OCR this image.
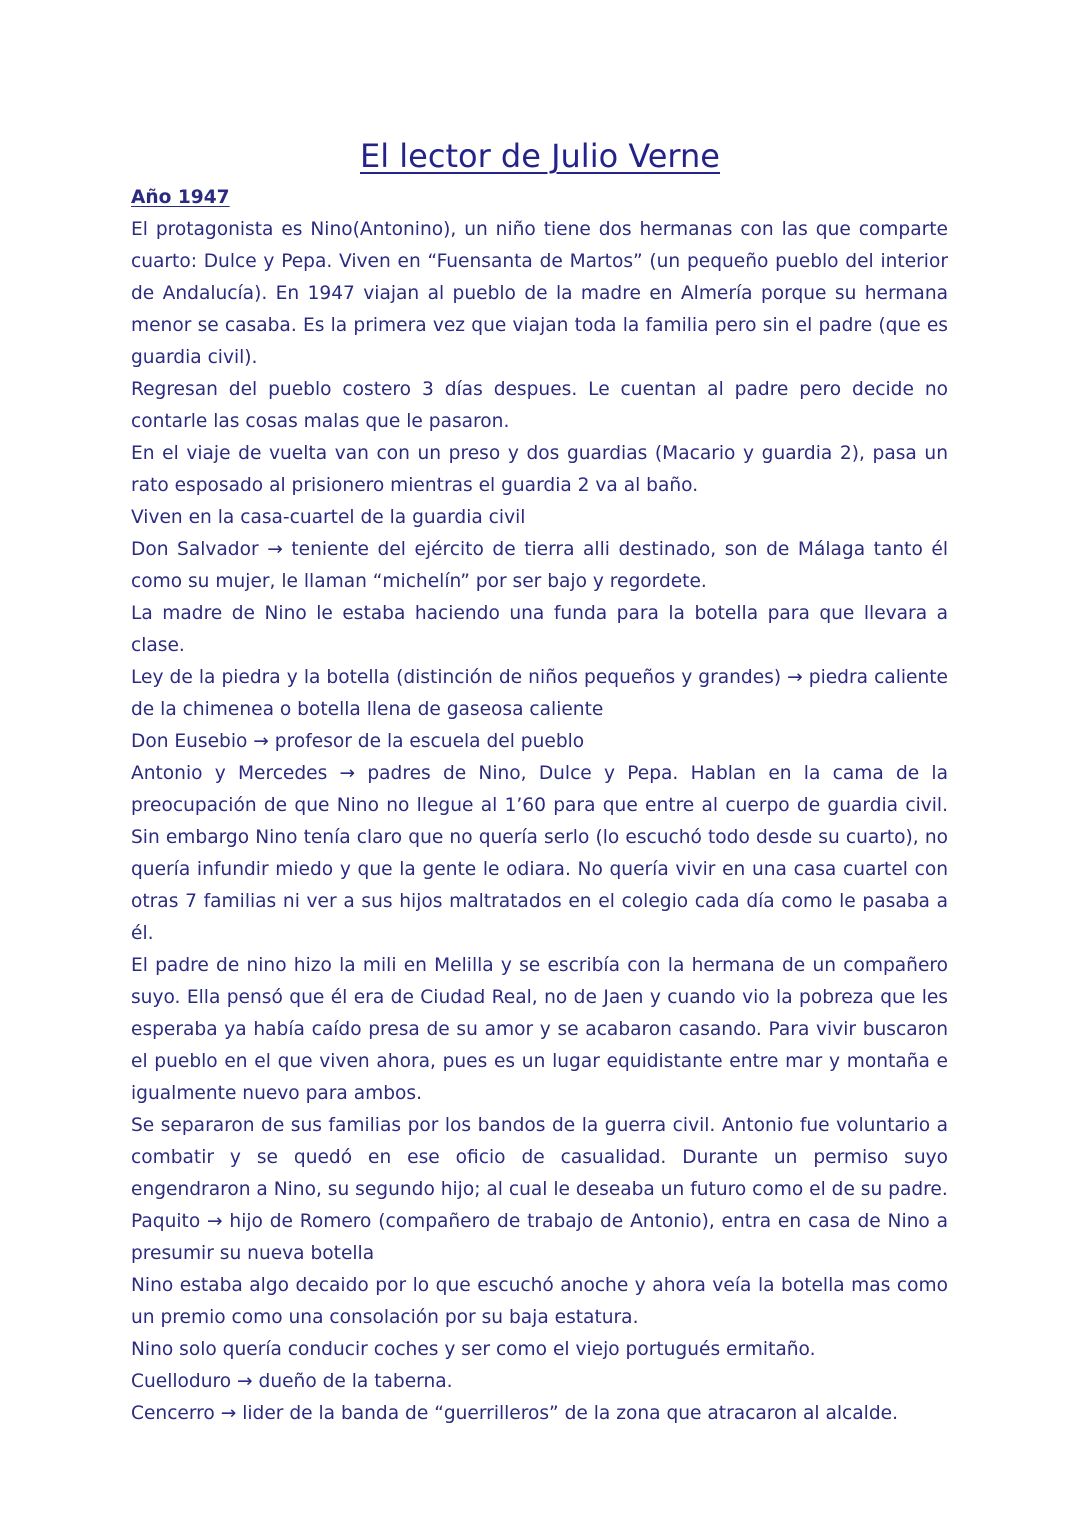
El lector de Julio Verne

Año 1947

El protagonista es Nino(Antonino), un niño tiene dos hermanas con las que comparte cuarto: Dulce y Pepa. Viven en “Fuensanta de Martos” (un pequeño pueblo del interior de Andalucía). En 1947 viajan al pueblo de la madre en Almería porque su hermana menor se casaba. Es la primera vez que viajan toda la familia pero sin el padre (que es guardia civil).

Regresan del pueblo costero 3 días despues. Le cuentan al padre pero decide no contarle las cosas malas que le pasaron.

En el viaje de vuelta van con un preso y dos guardias (Macario y guardia 2), pasa un rato esposado al prisionero mientras el guardia 2 va al baño.

Viven en la casa-cuartel de la guardia civil

Don Salvador → teniente del ejército de tierra alli destinado, son de Málaga tanto él como su mujer, le llaman “michelín” por ser bajo y regordete.

La madre de Nino le estaba haciendo una funda para la botella para que llevara a clase.

Ley de la piedra y la botella (distinción de niños pequeños y grandes) → piedra caliente de la chimenea o botella llena de gaseosa caliente

Don Eusebio → profesor de la escuela del pueblo

Antonio y Mercedes → padres de Nino, Dulce y Pepa. Hablan en la cama de la preocupación de que Nino no llegue al 1’60 para que entre al cuerpo de guardia civil. Sin embargo Nino tenía claro que no quería serlo (lo escuchó todo desde su cuarto), no quería infundir miedo y que la gente le odiara. No quería vivir en una casa cuartel con otras 7 familias ni ver a sus hijos maltratados en el colegio cada día como le pasaba a él.

El padre de nino hizo la mili en Melilla y se escribía con la hermana de un compañero suyo. Ella pensó que él era de Ciudad Real, no de Jaen y cuando vio la pobreza que les esperaba ya había caído presa de su amor y se acabaron casando. Para vivir buscaron el pueblo en el que viven ahora, pues es un lugar equidistante entre mar y montaña e igualmente nuevo para ambos.

Se separaron de sus familias por los bandos de la guerra civil. Antonio fue voluntario a combatir y se quedó en ese oficio de casualidad. Durante un permiso suyo engendraron a Nino, su segundo hijo; al cual le deseaba un futuro como el de su padre.

Paquito → hijo de Romero (compañero de trabajo de Antonio), entra en casa de Nino a presumir su nueva botella

Nino estaba algo decaido por lo que escuchó anoche y ahora veía la botella mas como un premio como una consolación por su baja estatura.

Nino solo quería conducir coches y ser como el viejo portugués ermitaño.

Cuelloduro → dueño de la taberna.

Cencerro → lider de la banda de “guerrilleros” de la zona que atracaron al alcalde.
